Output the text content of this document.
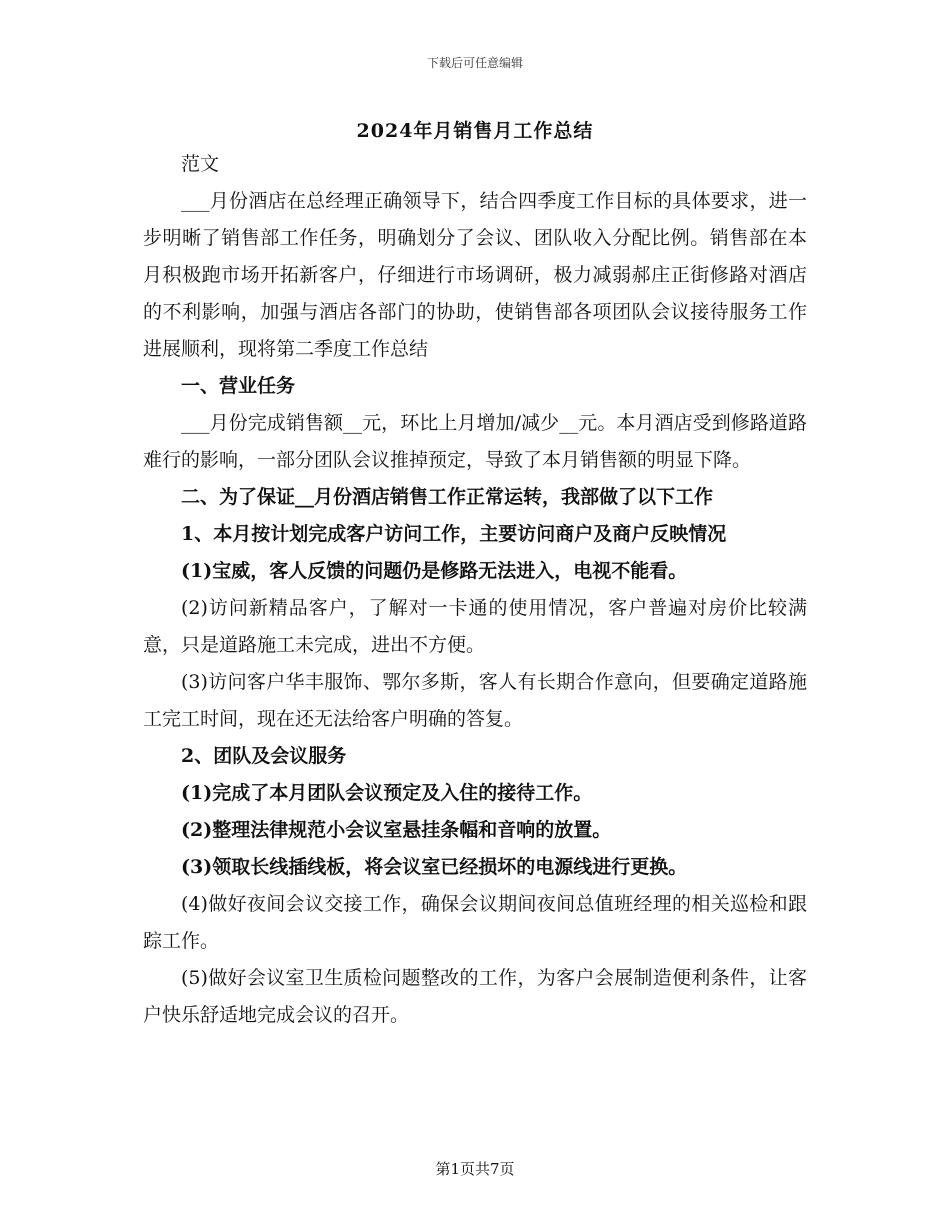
下载后可任意编辑
2024年月销售月工作总结

范文

___月份酒店在总经理正确领导下，结合四季度工作目标的具体要求，进一步明晰了销售部工作任务，明确划分了会议、团队收入分配比例。销售部在本月积极跑市场开拓新客户，仔细进行市场调研，极力减弱郝庄正街修路对酒店的不利影响，加强与酒店各部门的协助，使销售部各项团队会议接待服务工作进展顺利，现将第二季度工作总结

一、营业任务

___月份完成销售额__元，环比上月增加/减少__元。本月酒店受到修路道路难行的影响，一部分团队会议推掉预定，导致了本月销售额的明显下降。

二、为了保证__月份酒店销售工作正常运转，我部做了以下工作

1、本月按计划完成客户访问工作，主要访问商户及商户反映情况

(1)宝威，客人反馈的问题仍是修路无法进入，电视不能看。

(2)访问新精品客户，了解对一卡通的使用情况，客户普遍对房价比较满意，只是道路施工未完成，进出不方便。

(3)访问客户华丰服饰、鄂尔多斯，客人有长期合作意向，但要确定道路施工完工时间，现在还无法给客户明确的答复。

2、团队及会议服务

(1)完成了本月团队会议预定及入住的接待工作。

(2)整理法律规范小会议室悬挂条幅和音响的放置。

(3)领取长线插线板，将会议室已经损坏的电源线进行更换。

(4)做好夜间会议交接工作，确保会议期间夜间总值班经理的相关巡检和跟踪工作。

(5)做好会议室卫生质检问题整改的工作，为客户会展制造便利条件，让客户快乐舒适地完成会议的召开。

第1页共7页
